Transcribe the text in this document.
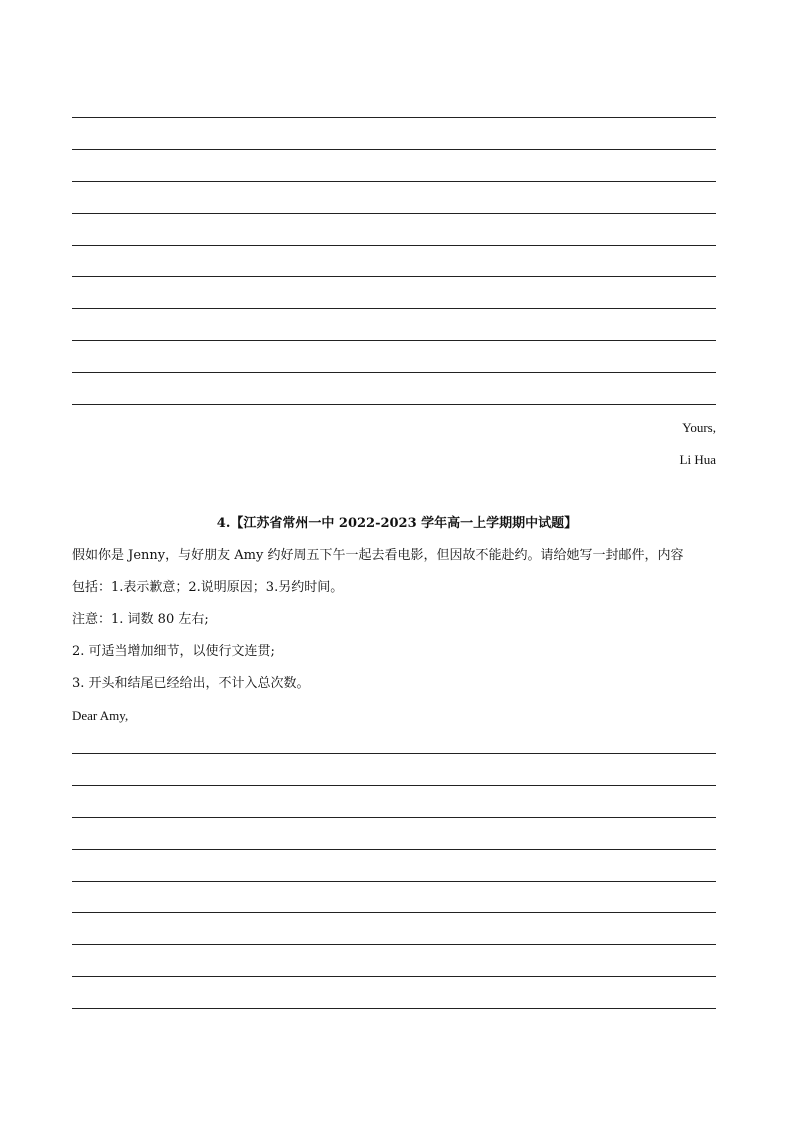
Yours,
Li Hua
4.【江苏省常州一中 2022-2023 学年高一上学期期中试题】
假如你是 Jenny，与好朋友 Amy 约好周五下午一起去看电影，但因故不能赴约。请给她写一封邮件，内容
包括：1.表示歉意；2.说明原因；3.另约时间。
注意：1. 词数 80 左右;
2. 可适当增加细节，以使行文连贯;
3. 开头和结尾已经给出，不计入总次数。
Dear Amy,
